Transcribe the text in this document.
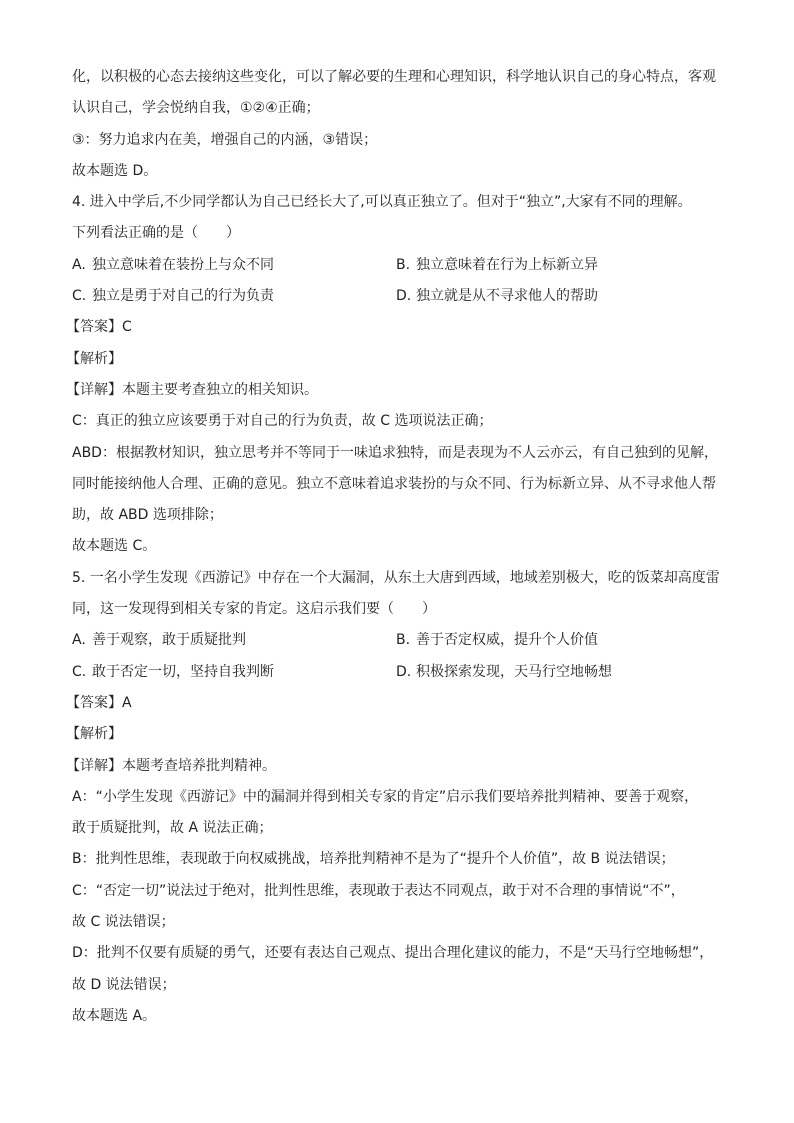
化，以积极的心态去接纳这些变化，可以了解必要的生理和心理知识，科学地认识自己的身心特点，客观
认识自己，学会悦纳自我，①②④正确；
③：努力追求内在美，增强自己的内涵，③错误；
故本题选 D。
4. 进入中学后,不少同学都认为自己已经长大了,可以真正独立了。但对于“独立”,大家有不同的理解。
下列看法正确的是（　　）
A. 独立意味着在装扮上与众不同	B. 独立意味着在行为上标新立异
C. 独立是勇于对自己的行为负责	D. 独立就是从不寻求他人的帮助
【答案】C
【解析】
【详解】本题主要考查独立的相关知识。
C：真正的独立应该要勇于对自己的行为负责，故 C 选项说法正确；
ABD：根据教材知识，独立思考并不等同于一味追求独特，而是表现为不人云亦云，有自己独到的见解，
同时能接纳他人合理、正确的意见。独立不意味着追求装扮的与众不同、行为标新立异、从不寻求他人帮
助，故 ABD 选项排除；
故本题选 C。
5. 一名小学生发现《西游记》中存在一个大漏洞，从东土大唐到西域，地域差别极大，吃的饭菜却高度雷
同，这一发现得到相关专家的肯定。这启示我们要（　　）
A. 善于观察，敢于质疑批判	B. 善于否定权威，提升个人价值
C. 敢于否定一切，坚持自我判断	D. 积极探索发现，天马行空地畅想
【答案】A
【解析】
【详解】本题考查培养批判精神。
A：“小学生发现《西游记》中的漏洞并得到相关专家的肯定”启示我们要培养批判精神、要善于观察，
敢于质疑批判，故 A 说法正确；
B：批判性思维，表现敢于向权威挑战，培养批判精神不是为了“提升个人价值”，故 B 说法错误；
C：“否定一切”说法过于绝对，批判性思维，表现敢于表达不同观点，敢于对不合理的事情说“不”，
故 C 说法错误；
D：批判不仅要有质疑的勇气，还要有表达自己观点、提出合理化建议的能力，不是“天马行空地畅想”，
故 D 说法错误；
故本题选 A。
